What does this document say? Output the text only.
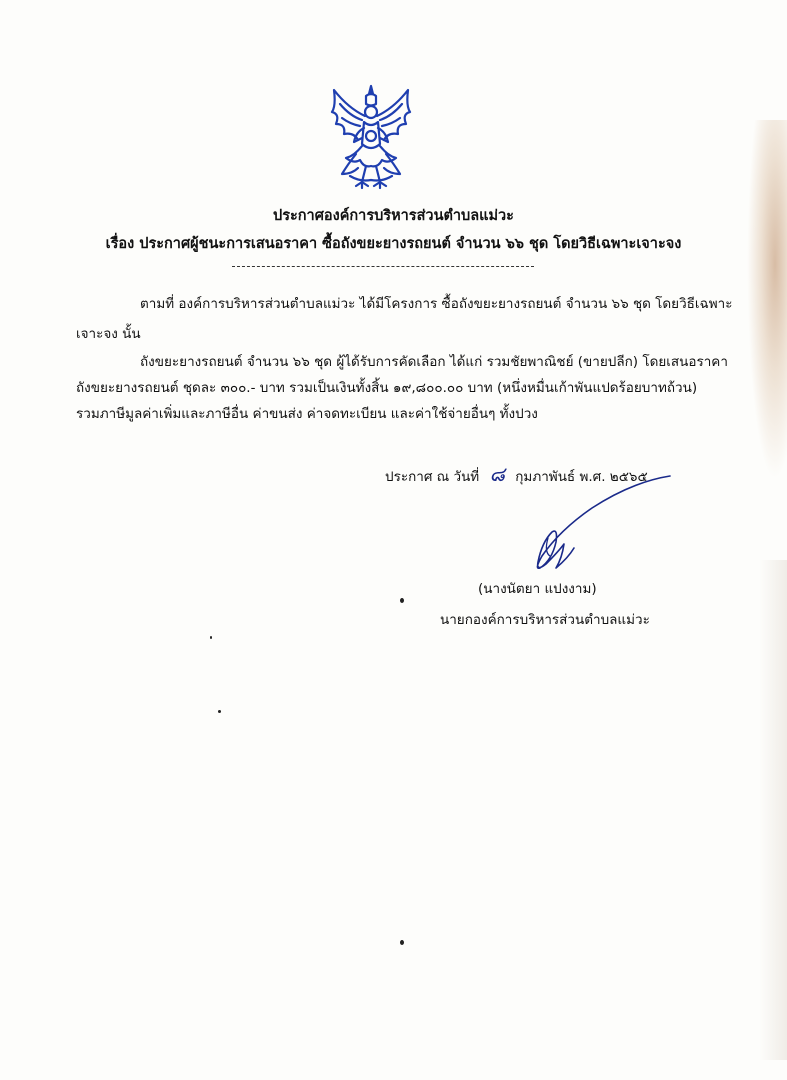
ประกาศองค์การบริหารส่วนตำบลแม่วะ
เรื่อง ประกาศผู้ชนะการเสนอราคา ซื้อถังขยะยางรถยนต์ จำนวน ๖๖ ชุด โดยวิธีเฉพาะเจาะจง
ตามที่ องค์การบริหารส่วนตำบลแม่วะ ได้มีโครงการ ซื้อถังขยะยางรถยนต์ จำนวน ๖๖ ชุด โดยวิธีเฉพาะ
เจาะจง นั้น
ถังขยะยางรถยนต์ จำนวน ๖๖ ชุด ผู้ได้รับการคัดเลือก ได้แก่ รวมชัยพาณิชย์ (ขายปลีก) โดยเสนอราคา
ถังขยะยางรถยนต์ ชุดละ ๓๐๐.- บาท รวมเป็นเงินทั้งสิ้น ๑๙,๘๐๐.๐๐ บาท (หนึ่งหมื่นเก้าพันแปดร้อยบาทถ้วน)
รวมภาษีมูลค่าเพิ่มและภาษีอื่น ค่าขนส่ง ค่าจดทะเบียน และค่าใช้จ่ายอื่นๆ ทั้งปวง
ประกาศ ณ วันที่ ๘ กุมภาพันธ์ พ.ศ. ๒๕๖๕
(นางนัตยา แปงงาม)
นายกองค์การบริหารส่วนตำบลแม่วะ
